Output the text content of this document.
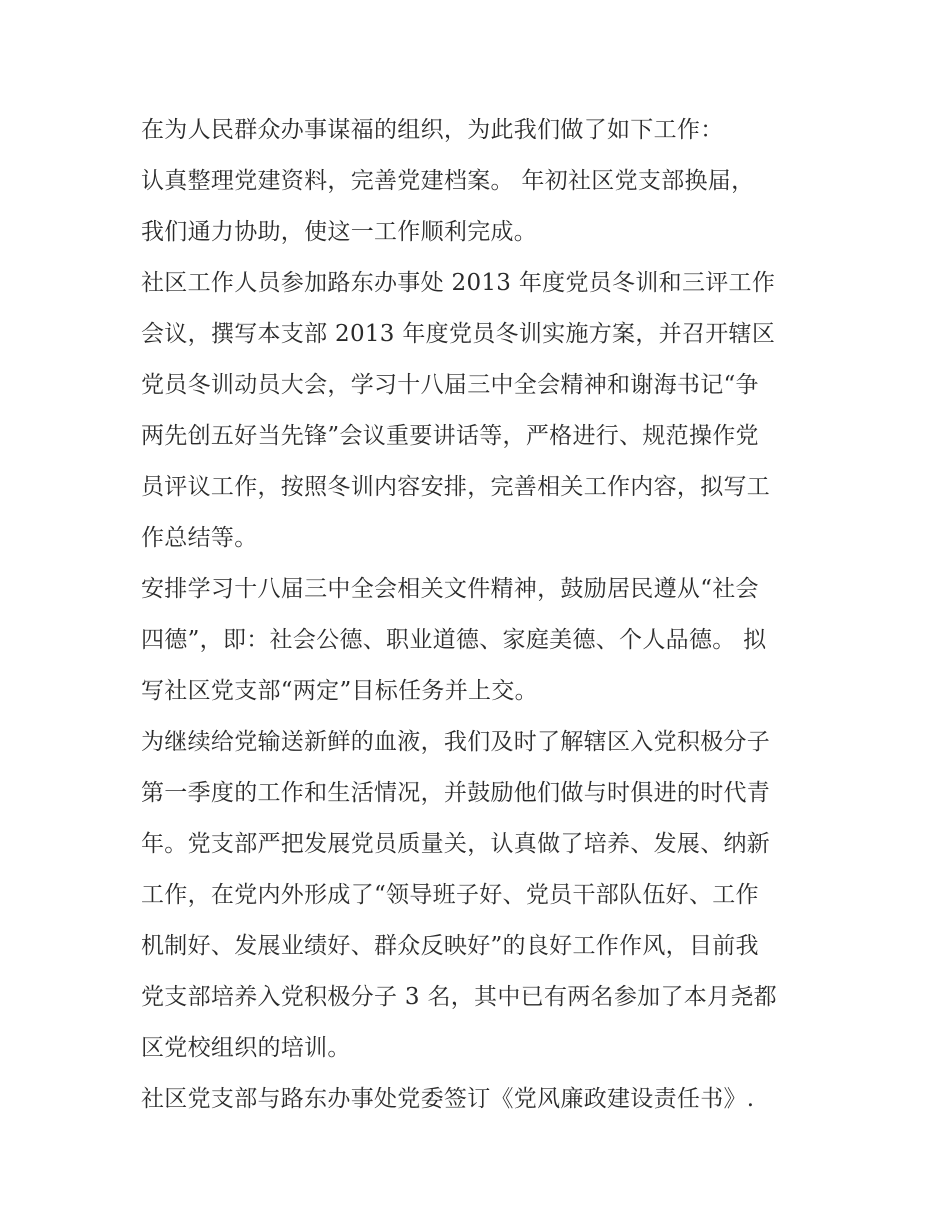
在为人民群众办事谋福的组织，为此我们做了如下工作：
认真整理党建资料，完善党建档案。 年初社区党支部换届，
我们通力协助，使这一工作顺利完成。
社区工作人员参加路东办事处 2013 年度党员冬训和三评工作
会议，撰写本支部 2013 年度党员冬训实施方案，并召开辖区
党员冬训动员大会，学习十八届三中全会精神和谢海书记“争
两先创五好当先锋”会议重要讲话等，严格进行、规范操作党
员评议工作，按照冬训内容安排，完善相关工作内容，拟写工
作总结等。
安排学习十八届三中全会相关文件精神，鼓励居民遵从“社会
四德”，即：社会公德、职业道德、家庭美德、个人品德。 拟
写社区党支部“两定”目标任务并上交。
为继续给党输送新鲜的血液，我们及时了解辖区入党积极分子
第一季度的工作和生活情况，并鼓励他们做与时俱进的时代青
年。党支部严把发展党员质量关，认真做了培养、发展、纳新
工作，在党内外形成了“领导班子好、党员干部队伍好、工作
机制好、发展业绩好、群众反映好”的良好工作作风，目前我
党支部培养入党积极分子 3 名，其中已有两名参加了本月尧都
区党校组织的培训。
社区党支部与路东办事处党委签订《党风廉政建设责任书》.
